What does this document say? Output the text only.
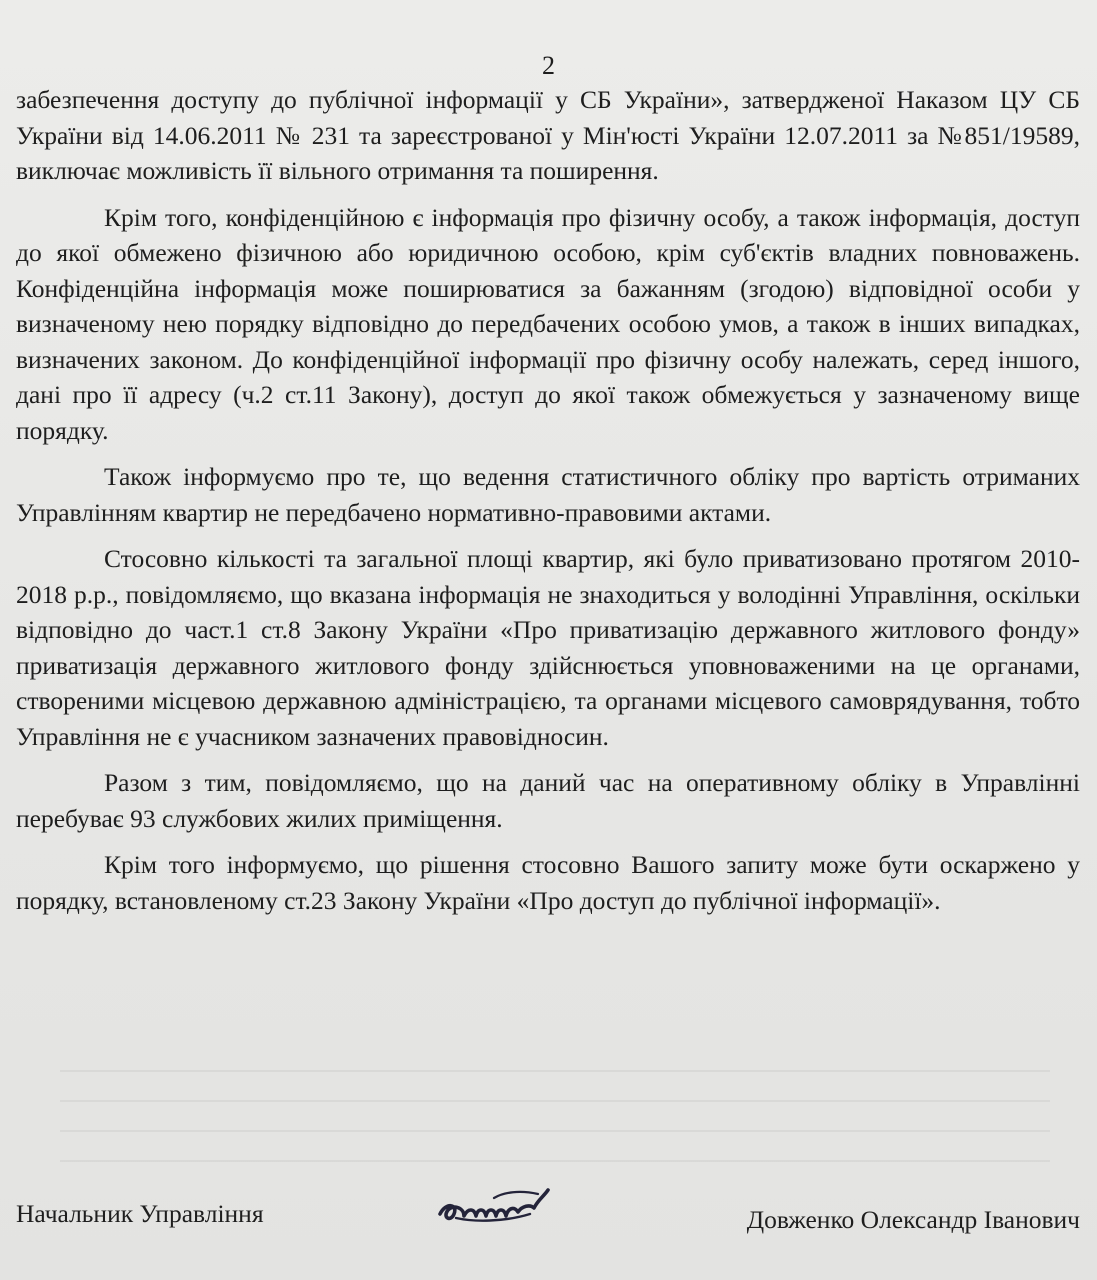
2

забезпечення доступу до публічної інформації у СБ України», затвердженої Наказом ЦУ СБ України від 14.06.2011 № 231 та зареєстрованої у Мін'юсті України 12.07.2011 за №851/19589, виключає можливість її вільного отримання та поширення.

Крім того, конфіденційною є інформація про фізичну особу, а також інформація, доступ до якої обмежено фізичною або юридичною особою, крім суб'єктів владних повноважень. Конфіденційна інформація може поширюватися за бажанням (згодою) відповідної особи у визначеному нею порядку відповідно до передбачених особою умов, а також в інших випадках, визначених законом. До конфіденційної інформації про фізичну особу належать, серед іншого, дані про її адресу (ч.2 ст.11 Закону), доступ до якої також обмежується у зазначеному вище порядку.

Також інформуємо про те, що ведення статистичного обліку про вартість отриманих Управлінням квартир не передбачено нормативно-правовими актами.

Стосовно кількості та загальної площі квартир, які було приватизовано протягом 2010-2018 р.р., повідомляємо, що вказана інформація не знаходиться у володінні Управління, оскільки відповідно до част.1 ст.8 Закону України «Про приватизацію державного житлового фонду» приватизація державного житлового фонду здійснюється уповноваженими на це органами, створеними місцевою державною адміністрацією, та органами місцевого самоврядування, тобто Управління не є учасником зазначених правовідносин.

Разом з тим, повідомляємо, що на даний час на оперативному обліку в Управлінні перебуває 93 службових жилих приміщення.

Крім того інформуємо, що рішення стосовно Вашого запиту може бути оскаржено у порядку, встановленому ст.23 Закону України «Про доступ до публічної інформації».

Начальник Управління	Довженко Олександр Іванович
